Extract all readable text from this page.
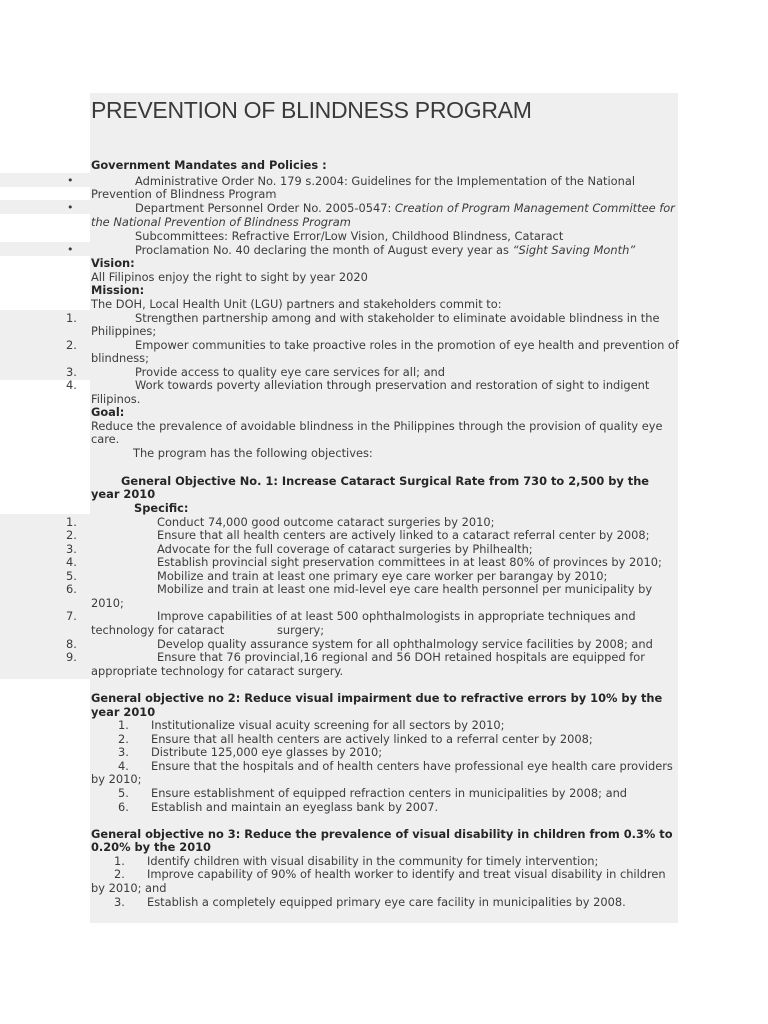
PREVENTION OF BLINDNESS PROGRAM
Government Mandates and Policies :
•	Administrative Order No. 179 s.2004: Guidelines for the Implementation of the National
Prevention of Blindness Program
•	Department Personnel Order No. 2005-0547: Creation of Program Management Committee for
the National Prevention of Blindness Program
Subcommittees: Refractive Error/Low Vision, Childhood Blindness, Cataract
•	Proclamation No. 40 declaring the month of August every year as “Sight Saving Month”
Vision:
All Filipinos enjoy the right to sight by year 2020
Mission:
The DOH, Local Health Unit (LGU) partners and stakeholders commit to:
1.	Strengthen partnership among and with stakeholder to eliminate avoidable blindness in the
Philippines;
2.	Empower communities to take proactive roles in the promotion of eye health and prevention of
blindness;
3.	Provide access to quality eye care services for all; and
4.	Work towards poverty alleviation through preservation and restoration of sight to indigent
Filipinos.
Goal:
Reduce the prevalence of avoidable blindness in the Philippines through the provision of quality eye
care.
The program has the following objectives:
General Objective No. 1: Increase Cataract Surgical Rate from 730 to 2,500 by the
year 2010
Specific:
1.	Conduct 74,000 good outcome cataract surgeries by 2010;
2.	Ensure that all health centers are actively linked to a cataract referral center by 2008;
3.	Advocate for the full coverage of cataract surgeries by Philhealth;
4.	Establish provincial sight preservation committees in at least 80% of provinces by 2010;
5.	Mobilize and train at least one primary eye care worker per barangay by 2010;
6.	Mobilize and train at least one mid-level eye care health personnel per municipality by
2010;
7.	Improve capabilities of at least 500 ophthalmologists in appropriate techniques and
technology for cataract	surgery;
8.	Develop quality assurance system for all ophthalmology service facilities by 2008; and
9.	Ensure that 76 provincial,16 regional and 56 DOH retained hospitals are equipped for
appropriate technology for cataract surgery.
General objective no 2: Reduce visual impairment due to refractive errors by 10% by the
year 2010
1. Institutionalize visual acuity screening for all sectors by 2010;
2. Ensure that all health centers are actively linked to a referral center by 2008;
3. Distribute 125,000 eye glasses by 2010;
4. Ensure that the hospitals and of health centers have professional eye health care providers
by 2010;
5. Ensure establishment of equipped refraction centers in municipalities by 2008; and
6. Establish and maintain an eyeglass bank by 2007.
General objective no 3: Reduce the prevalence of visual disability in children from 0.3% to
0.20% by the 2010
1. Identify children with visual disability in the community for timely intervention;
2. Improve capability of 90% of health worker to identify and treat visual disability in children
by 2010; and
3. Establish a completely equipped primary eye care facility in municipalities by 2008.
